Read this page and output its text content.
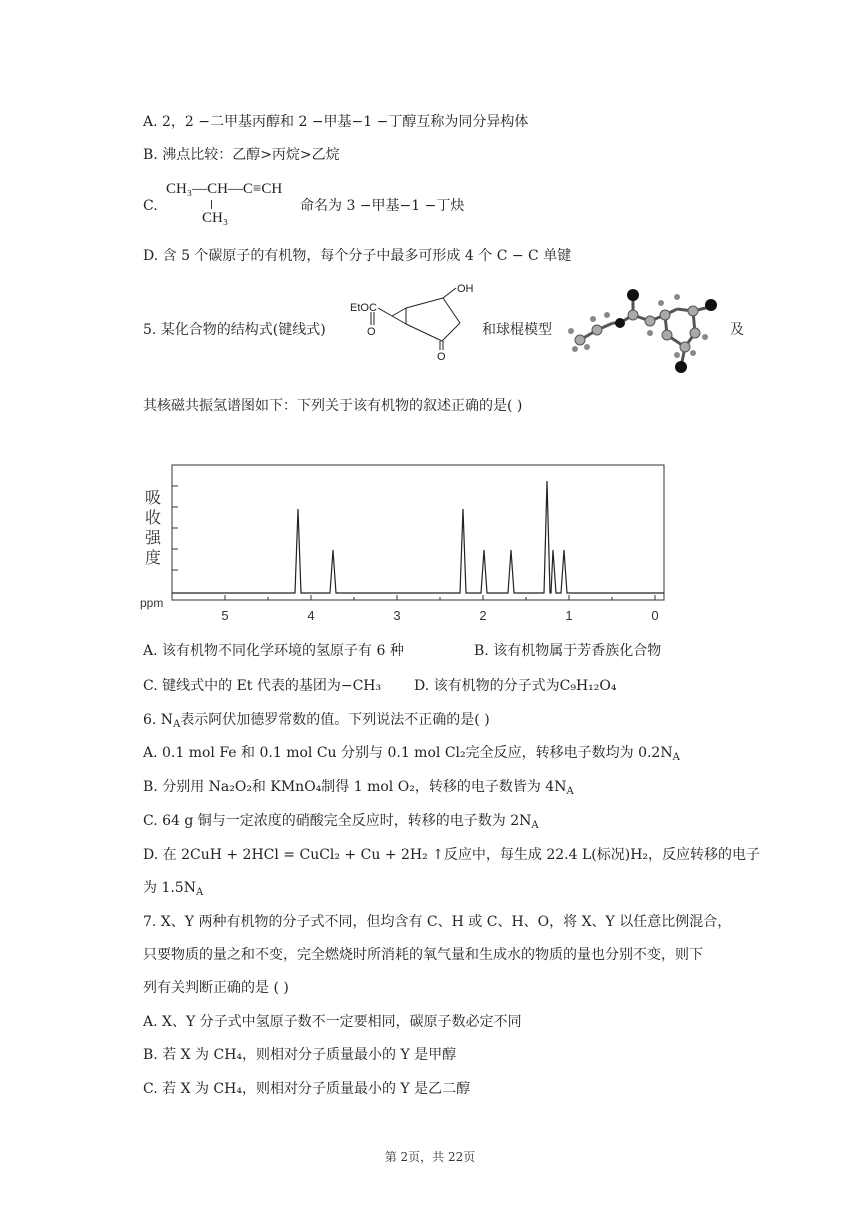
A. 2，2 −二甲基丙醇和 2 −甲基−1 −丁醇互称为同分异构体
B. 沸点比较：乙醇>丙烷>乙烷
C.
CH₃—CH—C≡CH
CH₃
命名为 3 −甲基−1 −丁炔
D. 含 5 个碳原子的有机物，每个分子中最多可形成 4 个 C − C 单键
5. 某化合物的结构式(键线式)
EtOC
O
OH
O
和球棍模型	及
其核磁共振氢谱图如下：下列关于该有机物的叙述正确的是( )
吸
收
强
度
ppm
5	4	3	2	1	0
A. 该有机物不同化学环境的氢原子有 6 种	B. 该有机物属于芳香族化合物
C. 键线式中的 Et 代表的基团为−CH₃ D. 该有机物的分子式为C₉H₁₂O₄
6. $N_A$表示阿伏加德罗常数的值。下列说法不正确的是( )
A. 0.1 mol Fe 和 0.1 mol Cu 分别与 0.1 mol Cl₂完全反应，转移电子数均为 $0.2N_A$
B. 分别用 Na₂O₂和 KMnO₄制得 1 mol O₂，转移的电子数皆为 $4N_A$
C. 64 g 铜与一定浓度的硝酸完全反应时，转移的电子数为 $2N_A$
D. 在 2CuH + 2HCl = CuCl₂ + Cu + 2H₂ ↑反应中，每生成 22.4 L(标况)H₂，反应转移的电子
为 $1.5N_A$
7. X、Y 两种有机物的分子式不同，但均含有 C、H 或 C、H、O，将 X、Y 以任意比例混合，
只要物质的量之和不变，完全燃烧时所消耗的氧气量和生成水的物质的量也分别不变，则下
列有关判断正确的是 ( )
A. X、Y 分子式中氢原子数不一定要相同，碳原子数必定不同
B. 若 X 为 CH₄，则相对分子质量最小的 Y 是甲醇
C. 若 X 为 CH₄，则相对分子质量最小的 Y 是乙二醇
第 2页，共 22页
